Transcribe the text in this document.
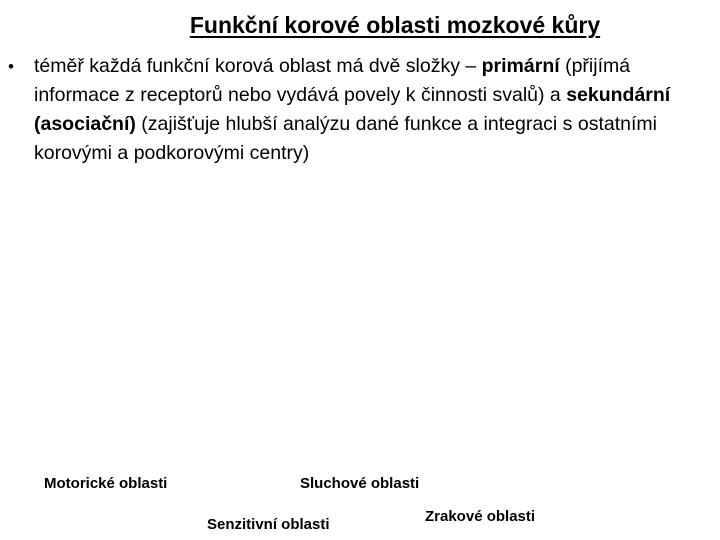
Funkční korové oblasti mozkové kůry
•	téměř každá funkční korová oblast má dvě složky – primární (přijímá informace z receptorů nebo vydává povely k činnosti svalů) a sekundární (asociační) (zajišťuje hlubší analýzu dané funkce a integraci s ostatními korovými a podkorovými centry)
Motorické oblasti	Sluchové oblasti
Senzitivní oblasti	Zrakové oblasti
